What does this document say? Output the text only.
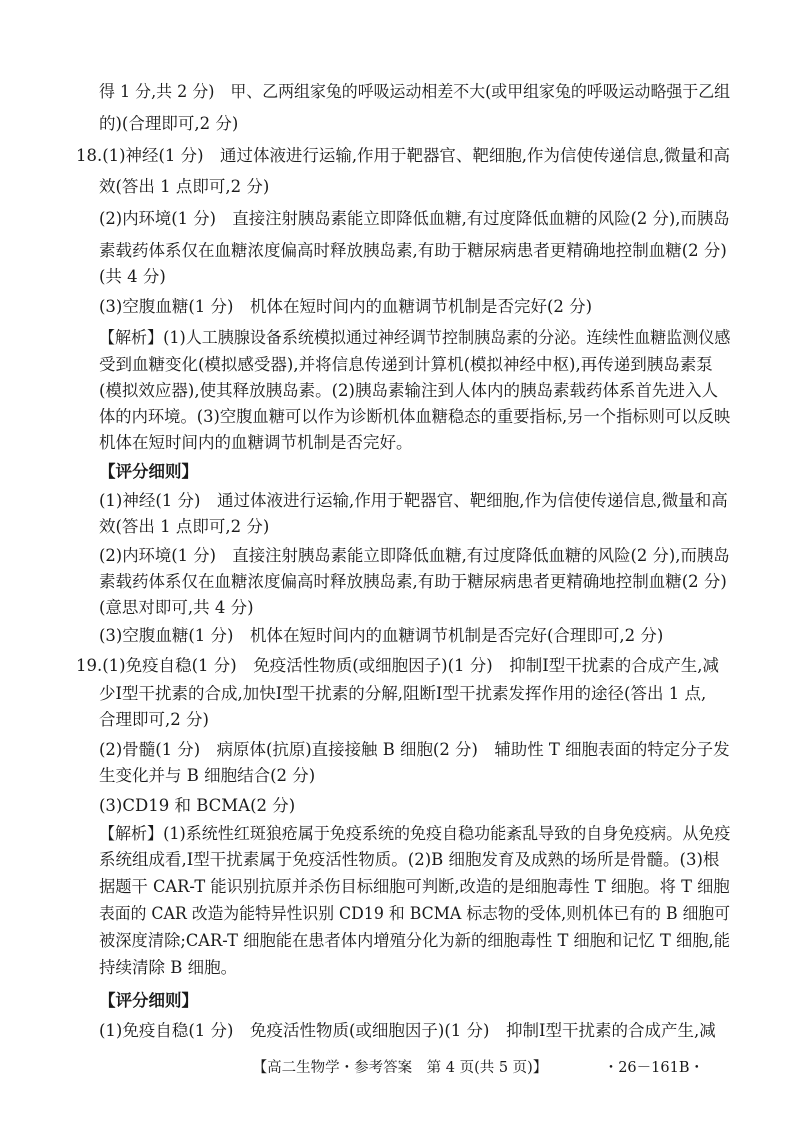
得 1 分,共 2 分)　甲、乙两组家兔的呼吸运动相差不大(或甲组家兔的呼吸运动略强于乙组
的)(合理即可,2 分)
18.(1)神经(1 分)　通过体液进行运输,作用于靶器官、靶细胞,作为信使传递信息,微量和高
效(答出 1 点即可,2 分)
(2)内环境(1 分)　直接注射胰岛素能立即降低血糖,有过度降低血糖的风险(2 分),而胰岛
素载药体系仅在血糖浓度偏高时释放胰岛素,有助于糖尿病患者更精确地控制血糖(2 分)
(共 4 分)
(3)空腹血糖(1 分)　机体在短时间内的血糖调节机制是否完好(2 分)
【解析】(1)人工胰腺设备系统模拟通过神经调节控制胰岛素的分泌。连续性血糖监测仪感
受到血糖变化(模拟感受器),并将信息传递到计算机(模拟神经中枢),再传递到胰岛素泵
(模拟效应器),使其释放胰岛素。(2)胰岛素输注到人体内的胰岛素载药体系首先进入人
体的内环境。(3)空腹血糖可以作为诊断机体血糖稳态的重要指标,另一个指标则可以反映
机体在短时间内的血糖调节机制是否完好。
【评分细则】
(1)神经(1 分)　通过体液进行运输,作用于靶器官、靶细胞,作为信使传递信息,微量和高
效(答出 1 点即可,2 分)
(2)内环境(1 分)　直接注射胰岛素能立即降低血糖,有过度降低血糖的风险(2 分),而胰岛
素载药体系仅在血糖浓度偏高时释放胰岛素,有助于糖尿病患者更精确地控制血糖(2 分)
(意思对即可,共 4 分)
(3)空腹血糖(1 分)　机体在短时间内的血糖调节机制是否完好(合理即可,2 分)
19.(1)免疫自稳(1 分)　免疫活性物质(或细胞因子)(1 分)　抑制Ⅰ型干扰素的合成产生,减
少Ⅰ型干扰素的合成,加快Ⅰ型干扰素的分解,阻断Ⅰ型干扰素发挥作用的途径(答出 1 点,
合理即可,2 分)
(2)骨髓(1 分)　病原体(抗原)直接接触 B 细胞(2 分)　辅助性 T 细胞表面的特定分子发
生变化并与 B 细胞结合(2 分)
(3)CD19 和 BCMA(2 分)
【解析】(1)系统性红斑狼疮属于免疫系统的免疫自稳功能紊乱导致的自身免疫病。从免疫
系统组成看,Ⅰ型干扰素属于免疫活性物质。(2)B 细胞发育及成熟的场所是骨髓。(3)根
据题干 CAR-T 能识别抗原并杀伤目标细胞可判断,改造的是细胞毒性 T 细胞。将 T 细胞
表面的 CAR 改造为能特异性识别 CD19 和 BCMA 标志物的受体,则机体已有的 B 细胞可
被深度清除;CAR-T 细胞能在患者体内增殖分化为新的细胞毒性 T 细胞和记忆 T 细胞,能
持续清除 B 细胞。
【评分细则】
(1)免疫自稳(1 分)　免疫活性物质(或细胞因子)(1 分)　抑制Ⅰ型干扰素的合成产生,减
【高二生物学・参考答案　第 4 页(共 5 页)】	・26－161B・
